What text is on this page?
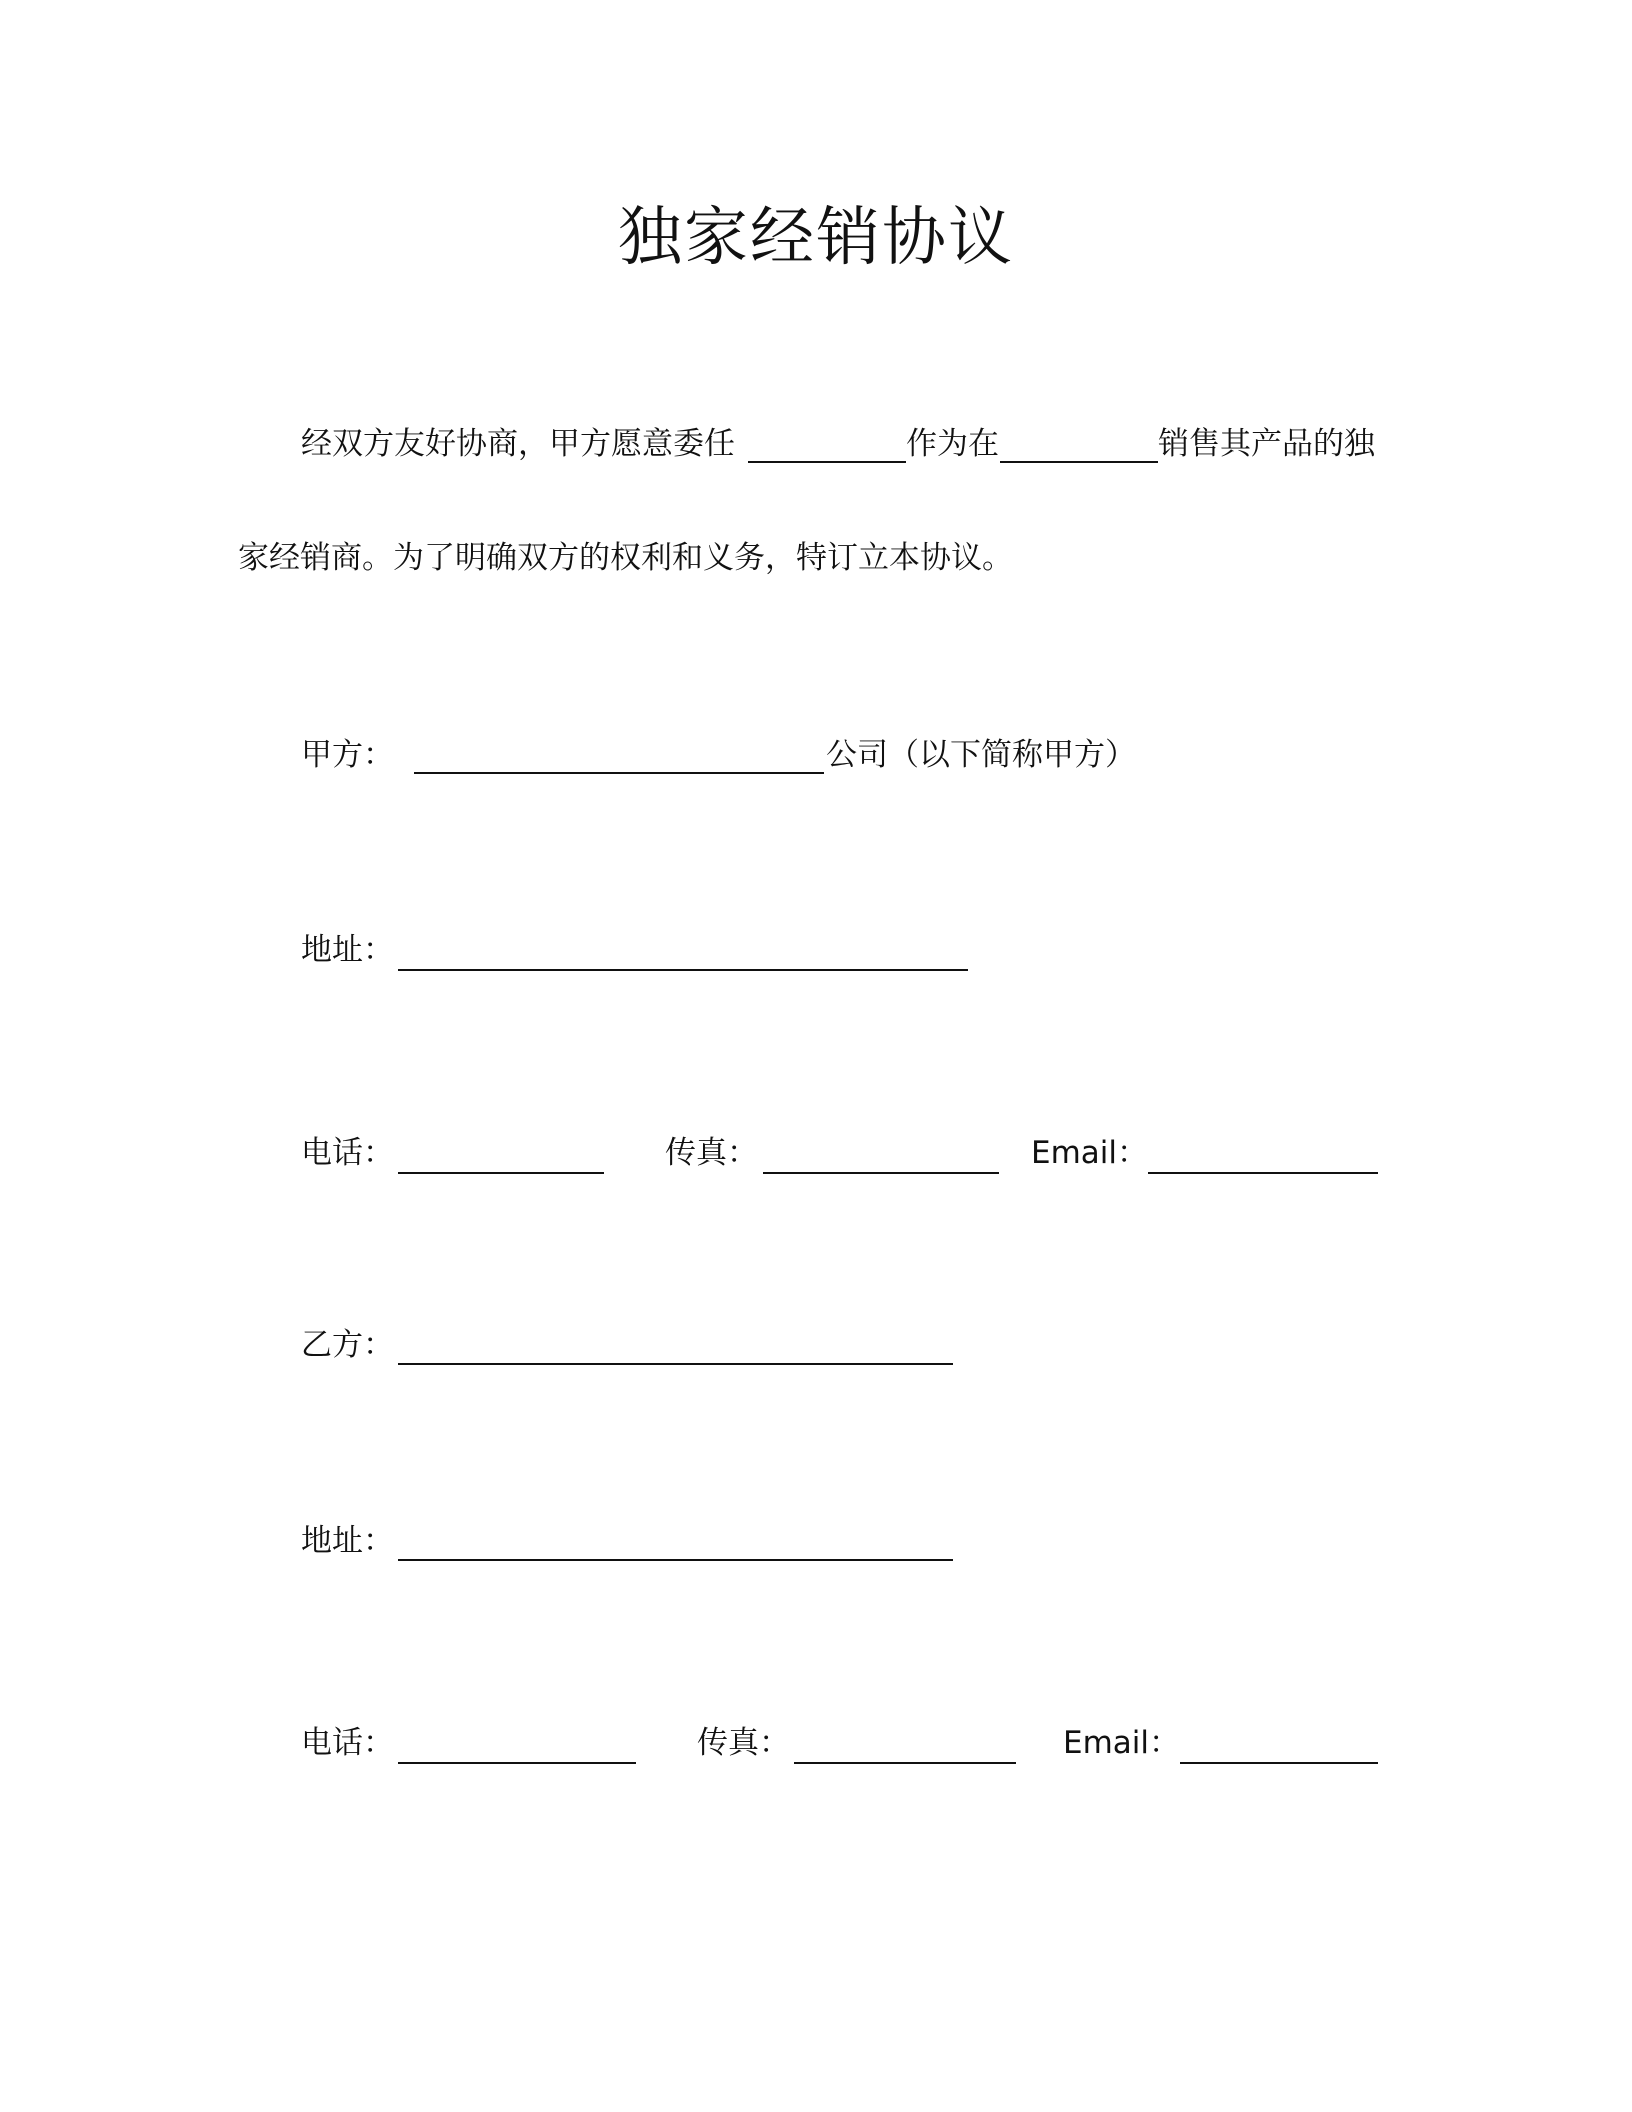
独家经销协议
经双方友好协商，甲方愿意委任	作为在	销售其产品的独
家经销商。为了明确双方的权利和义务，特订立本协议。
甲方：	公司（以下简称甲方）
地址：
电话：	传真：	Email：
乙方：
地址：
电话：	传真：	Email：
